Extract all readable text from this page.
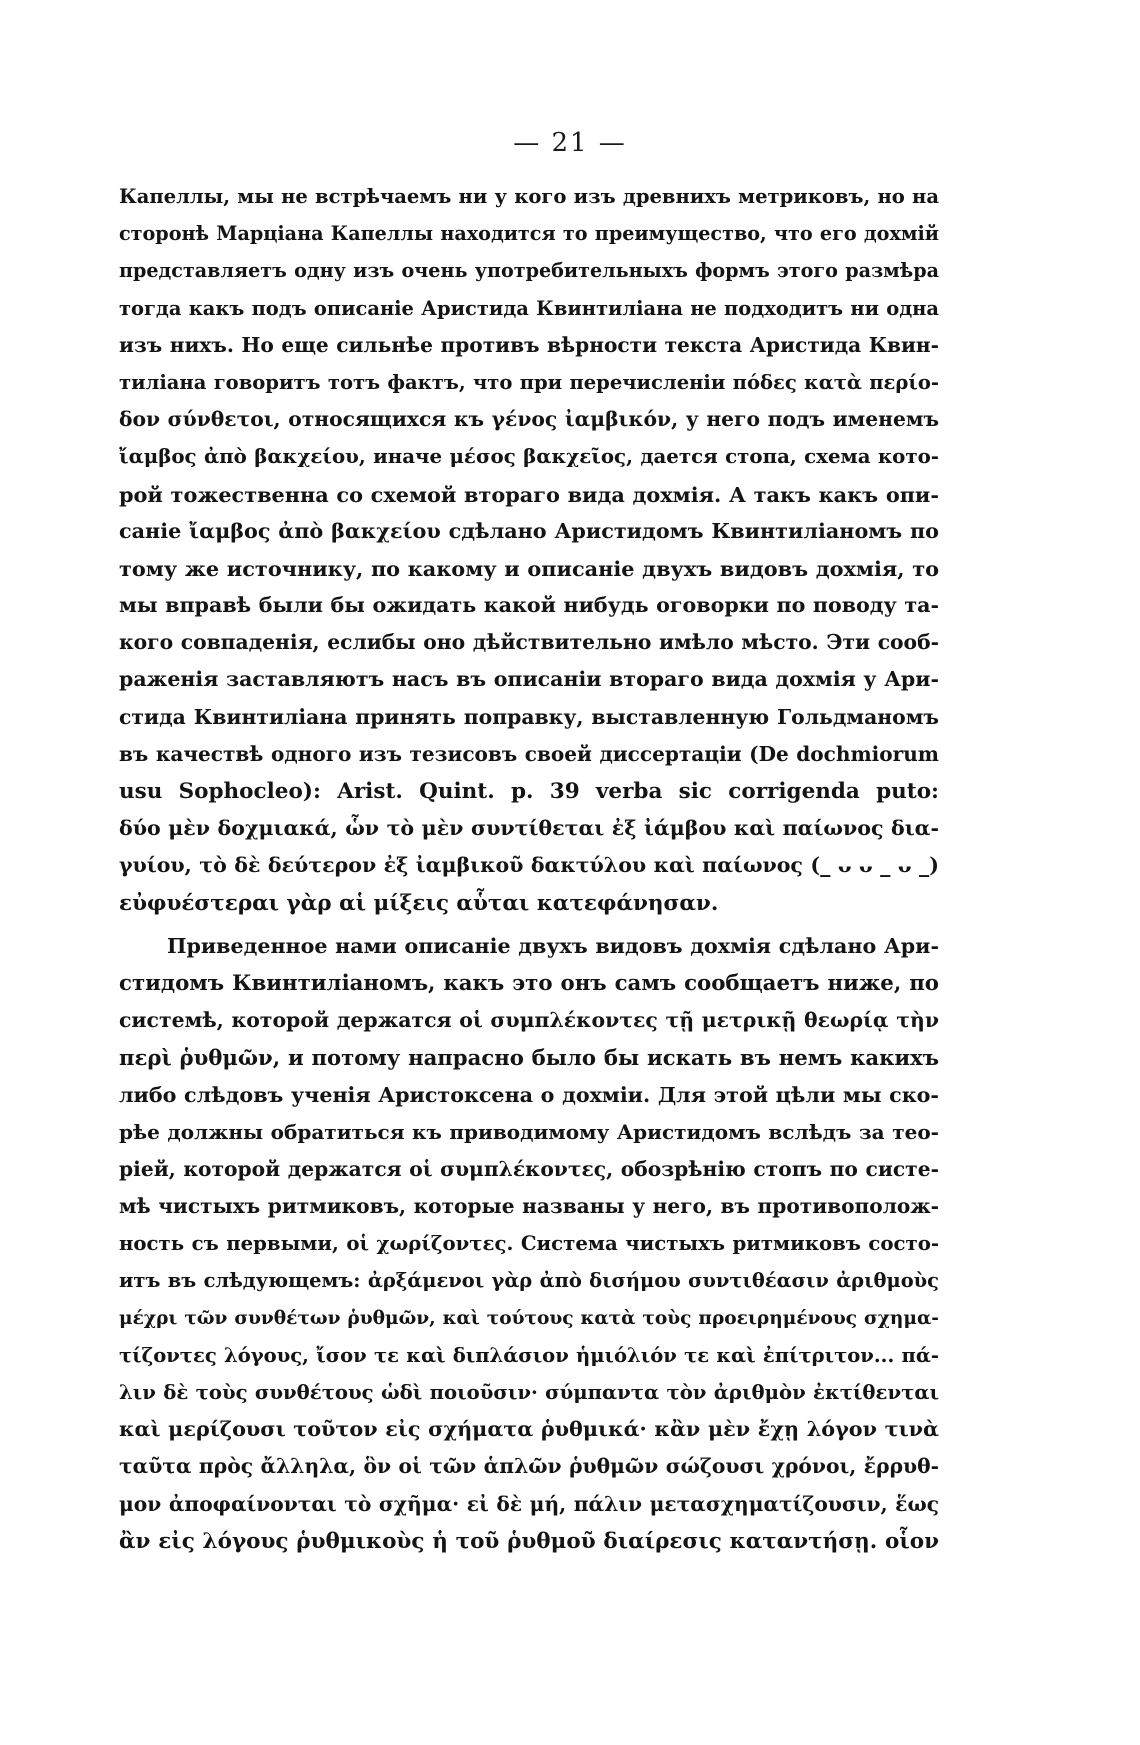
— 21 —
Капеллы, мы не встрѣчаемъ ни у кого изъ древнихъ метриковъ, но на
сторонѣ Марціана Капеллы находится то преимущество, что его дохмій
представляетъ одну изъ очень употребительныхъ формъ этого размѣра
тогда какъ подъ описаніе Аристида Квинтиліана не подходитъ ни одна
изъ нихъ. Но еще сильнѣе противъ вѣрности текста Аристида Квин-
тиліана говоритъ тотъ фактъ, что при перечисленіи πόδες κατὰ περίο-
δον σύνθετοι, относящихся къ γένος ἰαμβικόν, у него подъ именемъ
ἴαμβος ἀπὸ βακχείου, иначе μέσος βακχεῖος, дается стопа, схема кото-
рой тожественна со схемой втораго вида дохмія. А такъ какъ опи-
саніе ἴαμβος ἀπὸ βακχείου сдѣлано Аристидомъ Квинтиліаномъ по
тому же источнику, по какому и описаніе двухъ видовъ дохмія, то
мы вправѣ были бы ожидать какой нибудь оговорки по поводу та-
кого совпаденія, еслибы оно дѣйствительно имѣло мѣсто. Эти сооб-
раженія заставляютъ насъ въ описаніи втораго вида дохмія у Ари-
стида Квинтиліана принять поправку, выставленную Гольдманомъ
въ качествѣ одного изъ тезисовъ своей диссертаціи (De dochmiorum
usu Sophocleo): Arist. Quint. p. 39 verba sic corrigenda puto:
δύο μὲν δοχμιακά, ὧν τὸ μὲν συντίθεται ἐξ ἰάμβου καὶ παίωνος δια-
γυίου, τὸ δὲ δεύτερον ἐξ ἰαμβικοῦ δακτύλου καὶ παίωνος (_ ᴗ ᴗ _ ᴗ _)
εὐφυέστεραι γὰρ αἱ μίξεις αὗται κατεφάνησαν.
Приведенное нами описаніе двухъ видовъ дохмія сдѣлано Ари-
стидомъ Квинтиліаномъ, какъ это онъ самъ сообщаетъ ниже, по
системѣ, которой держатся οἱ συμπλέκοντες τῇ μετρικῇ θεωρίᾳ τὴν
περὶ ῥυθμῶν, и потому напрасно было бы искать въ немъ какихъ
либо слѣдовъ ученія Аристоксена о дохміи. Для этой цѣли мы ско-
рѣе должны обратиться къ приводимому Аристидомъ вслѣдъ за тео-
ріей, которой держатся οἱ συμπλέκοντες, обозрѣнію стопъ по систе-
мѣ чистыхъ ритмиковъ, которые названы у него, въ противополож-
ность съ первыми, οἱ χωρίζοντες. Система чистыхъ ритмиковъ состо-
итъ въ слѣдующемъ: ἀρξάμενοι γὰρ ἀπὸ δισήμου συντιθέασιν ἀριθμοὺς
μέχρι τῶν συνθέτων ῥυθμῶν, καὶ τούτους κατὰ τοὺς προειρημένους σχημα-
τίζοντες λόγους, ἴσον τε καὶ διπλάσιον ἡμιόλιόν τε καὶ ἐπίτριτον... πά-
λιν δὲ τοὺς συνθέτους ὡδὶ ποιοῦσιν· σύμπαντα τὸν ἀριθμὸν ἐκτίθενται
καὶ μερίζουσι τοῦτον εἰς σχήματα ῥυθμικά· κἂν μὲν ἔχῃ λόγον τινὰ
ταῦτα πρὸς ἄλληλα, ὃν οἱ τῶν ἁπλῶν ῥυθμῶν σώζουσι χρόνοι, ἔρρυθ-
μον ἀποφαίνονται τὸ σχῆμα· εἰ δὲ μή, πάλιν μετασχηματίζουσιν, ἕως
ἂν εἰς λόγους ῥυθμικοὺς ἡ τοῦ ῥυθμοῦ διαίρεσις καταντήσῃ. οἷον
